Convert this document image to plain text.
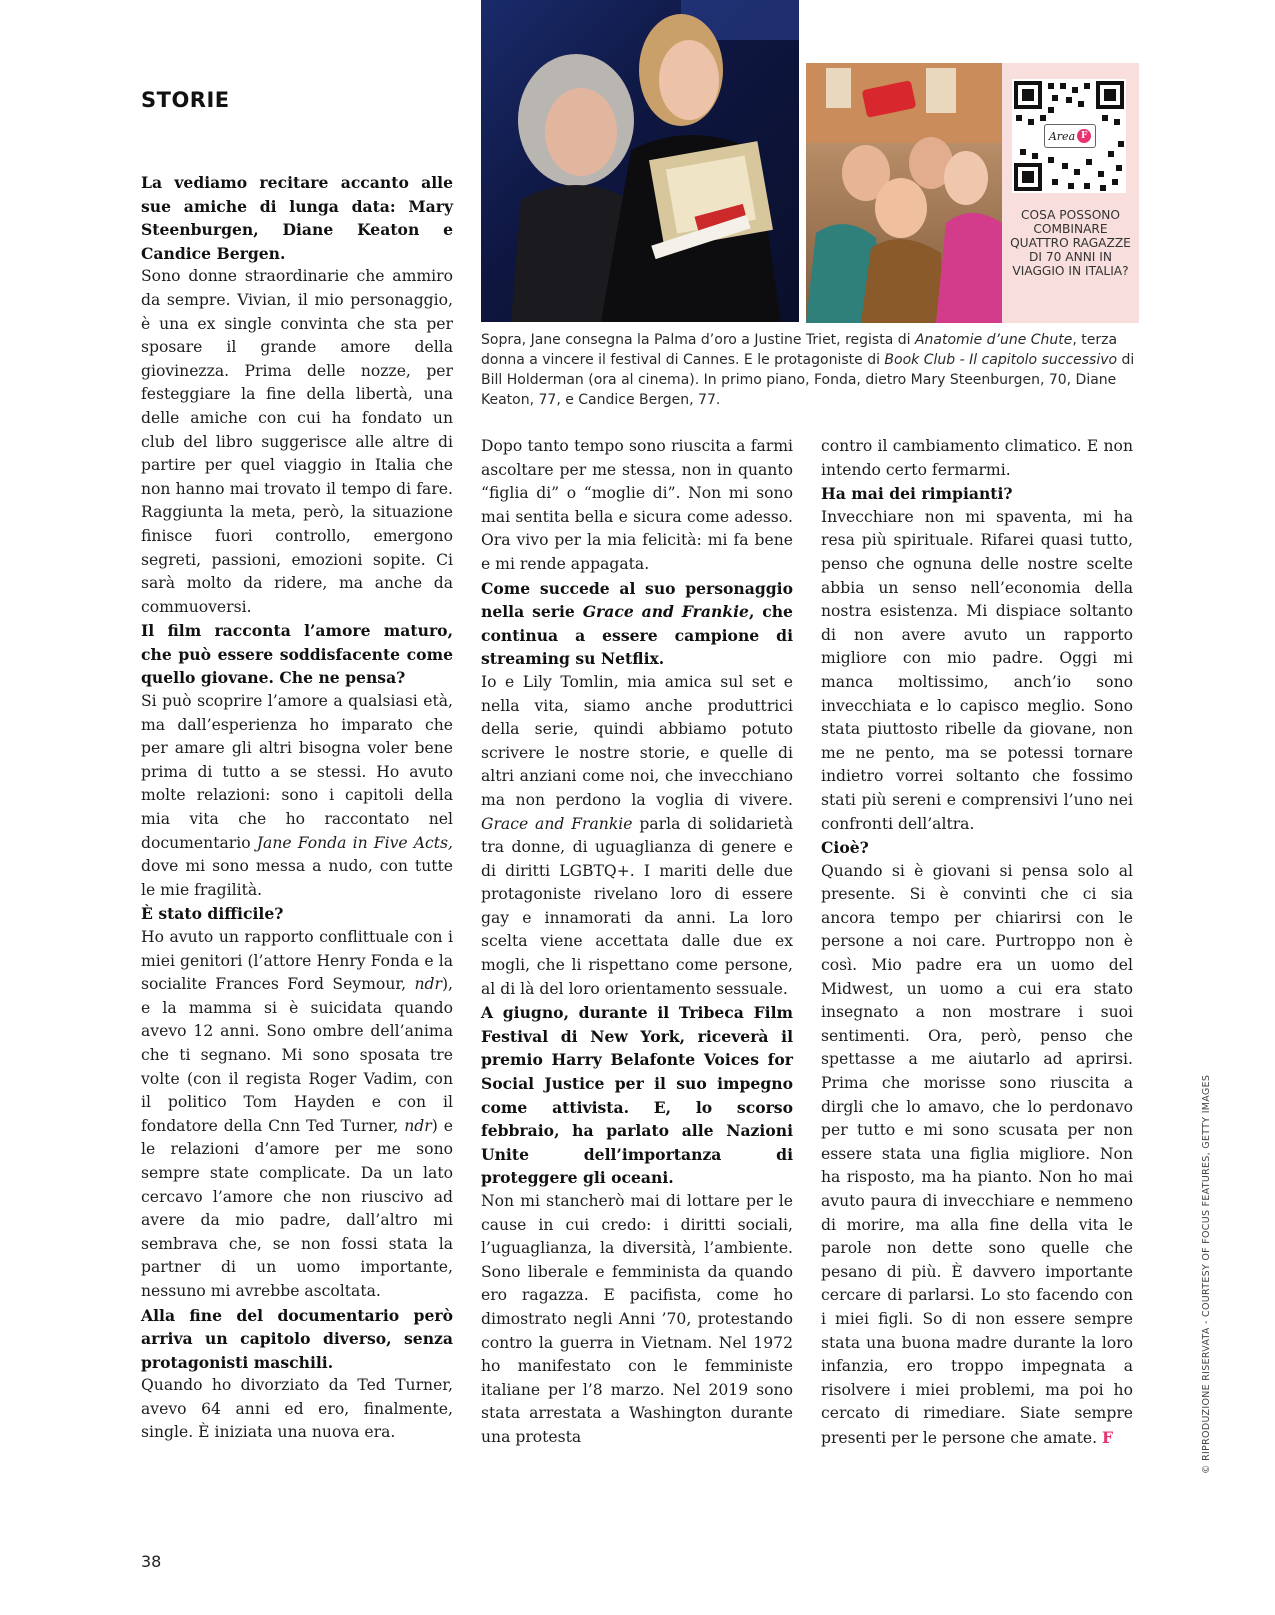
STORIE
Area F
COSA POSSONO COMBINARE QUATTRO RAGAZZE DI 70 ANNI IN VIAGGIO IN ITALIA?
Sopra, Jane consegna la Palma d’oro a Justine Triet, regista di Anatomie d’une Chute, terza donna a vincere il festival di Cannes. E le protagoniste di Book Club - Il capitolo successivo di Bill Holderman (ora al cinema). In primo piano, Fonda, dietro Mary Steenburgen, 70, Diane Keaton, 77, e Candice Bergen, 77.

La vediamo recitare accanto alle sue amiche di lunga data: Mary Steenburgen, Diane Keaton e Candice Bergen.

Sono donne straordinarie che ammiro da sempre. Vivian, il mio personaggio, è una ex single convinta che sta per sposare il grande amore della giovinezza. Prima delle nozze, per festeggiare la fine della libertà, una delle amiche con cui ha fondato un club del libro suggerisce alle altre di partire per quel viaggio in Italia che non hanno mai trovato il tempo di fare. Raggiunta la meta, però, la situazione finisce fuori controllo, emergono segreti, passioni, emozioni sopite. Ci sarà molto da ridere, ma anche da commuoversi.

Il film racconta l’amore maturo, che può essere soddisfacente come quello giovane. Che ne pensa?

Si può scoprire l’amore a qualsiasi età, ma dall’esperienza ho imparato che per amare gli altri bisogna voler bene prima di tutto a se stessi. Ho avuto molte relazioni: sono i capitoli della mia vita che ho raccontato nel documentario Jane Fonda in Five Acts, dove mi sono messa a nudo, con tutte le mie fragilità.

È stato difficile?

Ho avuto un rapporto conflittuale con i miei genitori (l’attore Henry Fonda e la socialite Frances Ford Seymour, ndr), e la mamma si è suicidata quando avevo 12 anni. Sono ombre dell’anima che ti segnano. Mi sono sposata tre volte (con il regista Roger Vadim, con il politico Tom Hayden e con il fondatore della Cnn Ted Turner, ndr) e le relazioni d’amore per me sono sempre state complicate. Da un lato cercavo l’amore che non riuscivo ad avere da mio padre, dall’altro mi sembrava che, se non fossi stata la partner di un uomo importante, nessuno mi avrebbe ascoltata.

Alla fine del documentario però arriva un capitolo diverso, senza protagonisti maschili.

Quando ho divorziato da Ted Turner, avevo 64 anni ed ero, finalmente, single. È iniziata una nuova era.

Dopo tanto tempo sono riuscita a farmi ascoltare per me stessa, non in quanto “figlia di” o “moglie di”. Non mi sono mai sentita bella e sicura come adesso. Ora vivo per la mia felicità: mi fa bene e mi rende appagata.

Come succede al suo personaggio nella serie Grace and Frankie, che continua a essere campione di streaming su Netflix.

Io e Lily Tomlin, mia amica sul set e nella vita, siamo anche produttrici della serie, quindi abbiamo potuto scrivere le nostre storie, e quelle di altri anziani come noi, che invecchiano ma non perdono la voglia di vivere. Grace and Frankie parla di solidarietà tra donne, di uguaglianza di genere e di diritti LGBTQ+. I mariti delle due protagoniste rivelano loro di essere gay e innamorati da anni. La loro scelta viene accettata dalle due ex mogli, che li rispettano come persone, al di là del loro orientamento sessuale.

A giugno, durante il Tribeca Film Festival di New York, riceverà il premio Harry Belafonte Voices for Social Justice per il suo impegno come attivista. E, lo scorso febbraio, ha parlato alle Nazioni Unite dell’importanza di proteggere gli oceani.

Non mi stancherò mai di lottare per le cause in cui credo: i diritti sociali, l’uguaglianza, la diversità, l’ambiente. Sono liberale e femminista da quando ero ragazza. E pacifista, come ho dimostrato negli Anni ’70, protestando contro la guerra in Vietnam. Nel 1972 ho manifestato con le femministe italiane per l’8 marzo. Nel 2019 sono stata arrestata a Washington durante una protesta

contro il cambiamento climatico. E non intendo certo fermarmi.

Ha mai dei rimpianti?

Invecchiare non mi spaventa, mi ha resa più spirituale. Rifarei quasi tutto, penso che ognuna delle nostre scelte abbia un senso nell’economia della nostra esistenza. Mi dispiace soltanto di non avere avuto un rapporto migliore con mio padre. Oggi mi manca moltissimo, anch’io sono invecchiata e lo capisco meglio. Sono stata piuttosto ribelle da giovane, non me ne pento, ma se potessi tornare indietro vorrei soltanto che fossimo stati più sereni e comprensivi l’uno nei confronti dell’altra.

Cioè?

Quando si è giovani si pensa solo al presente. Si è convinti che ci sia ancora tempo per chiarirsi con le persone a noi care. Purtroppo non è così. Mio padre era un uomo del Midwest, un uomo a cui era stato insegnato a non mostrare i suoi sentimenti. Ora, però, penso che spettasse a me aiutarlo ad aprirsi. Prima che morisse sono riuscita a dirgli che lo amavo, che lo perdonavo per tutto e mi sono scusata per non essere stata una figlia migliore. Non ha risposto, ma ha pianto. Non ho mai avuto paura di invecchiare e nemmeno di morire, ma alla fine della vita le parole non dette sono quelle che pesano di più. È davvero importante cercare di parlarsi. Lo sto facendo con i miei figli. So di non essere sempre stata una buona madre durante la loro infanzia, ero troppo impegnata a risolvere i miei problemi, ma poi ho cercato di rimediare. Siate sempre presenti per le persone che amate. F	© RIPRODUZIONE RISERVATA - COURTESY OF FOCUS FEATURES, GETTY IMAGES
38
